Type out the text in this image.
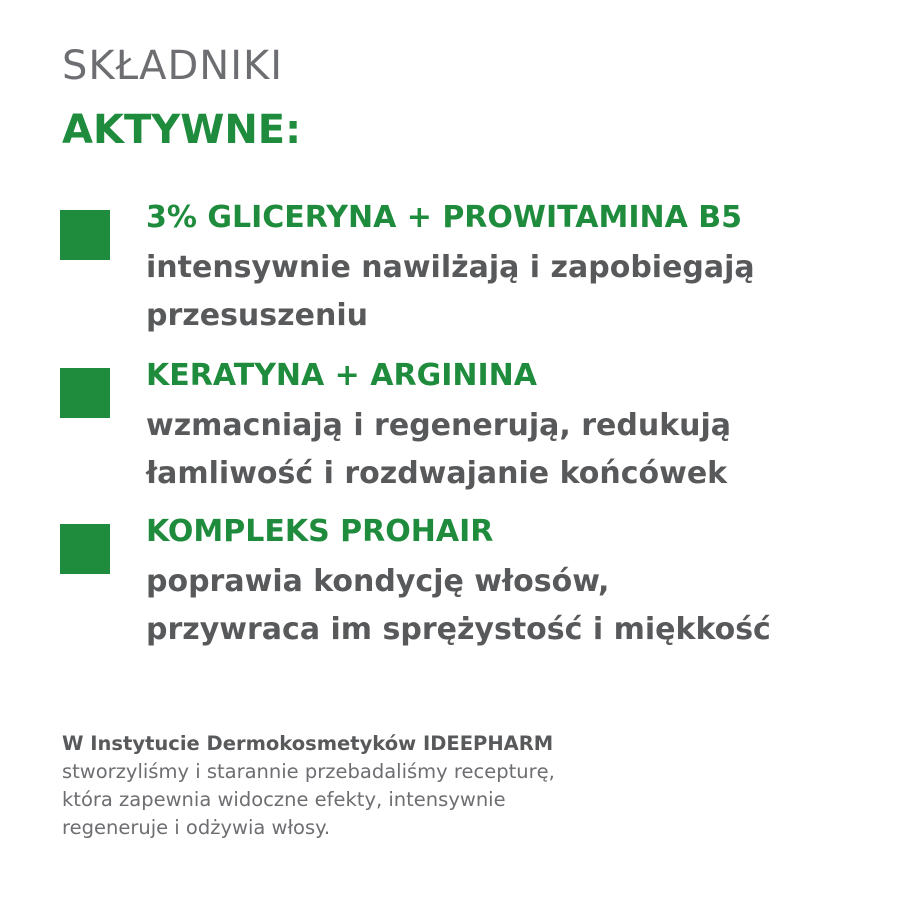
SKŁADNIKI
AKTYWNE:
3% GLICERYNA + PROWITAMINA B5
intensywnie nawilżają i zapobiegają
przesuszeniu
KERATYNA + ARGININA
wzmacniają i regenerują, redukują
łamliwość i rozdwajanie końcówek
KOMPLEKS PROHAIR
poprawia kondycję włosów,
przywraca im sprężystość i miękkość
W Instytucie Dermokosmetyków IDEEPHARM
stworzyliśmy i starannie przebadaliśmy recepturę,
która zapewnia widoczne efekty, intensywnie
regeneruje i odżywia włosy.
